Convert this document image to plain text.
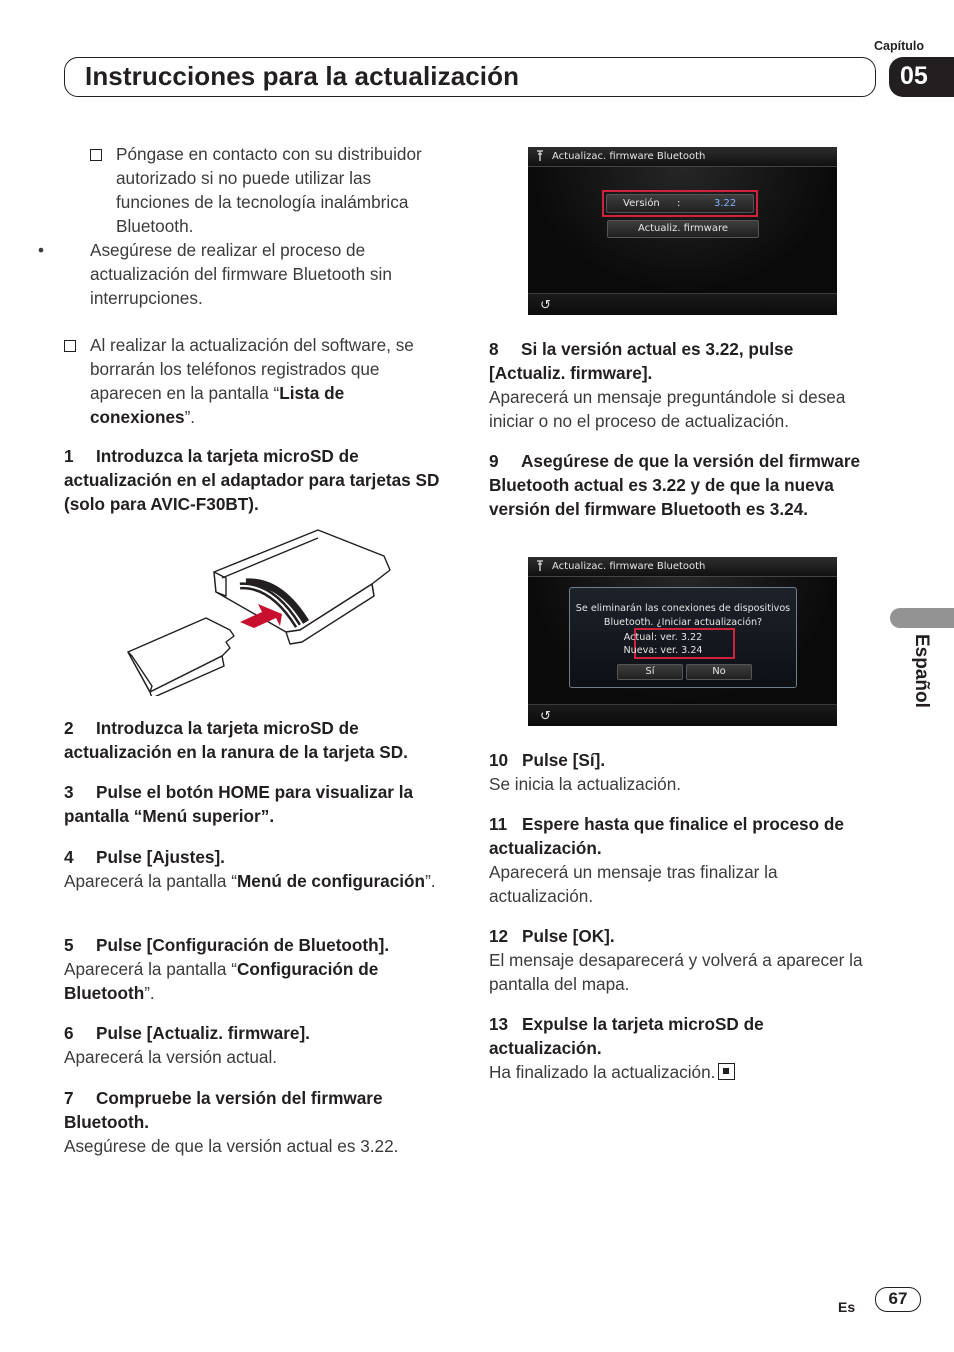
Capítulo
Instrucciones para la actualización	05
Español
Póngase en contacto con su distribuidor autorizado si no puede utilizar las funciones de la tecnología inalámbrica Bluetooth.
•	Asegúrese de realizar el proceso de actualización del firmware Bluetooth sin interrupciones.
Al realizar la actualización del software, se borrarán los teléfonos registrados que aparecen en la pantalla “Lista de conexiones”.
1 Introduzca la tarjeta microSD de actualización en el adaptador para tarjetas SD (solo para AVIC-F30BT).
2 Introduzca la tarjeta microSD de actualización en la ranura de la tarjeta SD.
3 Pulse el botón HOME para visualizar la pantalla “Menú superior”.
4 Pulse [Ajustes].
Aparecerá la pantalla “Menú de configuración”.
5 Pulse [Configuración de Bluetooth].
Aparecerá la pantalla “Configuración de Bluetooth”.
6 Pulse [Actualiz. firmware].
Aparecerá la versión actual.
7 Compruebe la versión del firmware Bluetooth.
Asegúrese de que la versión actual es 3.22.
Actualizac. firmware Bluetooth
Versión :	3.22
Actualiz. firmware
↺
Actualizac. firmware Bluetooth
Se eliminarán las conexiones de dispositivos
Bluetooth. ¿Iniciar actualización?
Actual: ver. 3.22
Nueva: ver. 3.24
Sí	No
↺
8 Si la versión actual es 3.22, pulse [Actualiz. firmware].
Aparecerá un mensaje preguntándole si desea iniciar o no el proceso de actualización.
9 Asegúrese de que la versión del firmware Bluetooth actual es 3.22 y de que la nueva versión del firmware Bluetooth es 3.24.
10 Pulse [Sí].
Se inicia la actualización.
11 Espere hasta que finalice el proceso de actualización.
Aparecerá un mensaje tras finalizar la actualización.
12 Pulse [OK].
El mensaje desaparecerá y volverá a aparecer la pantalla del mapa.
13 Expulse la tarjeta microSD de actualización.
Ha finalizado la actualización.
Es	67
